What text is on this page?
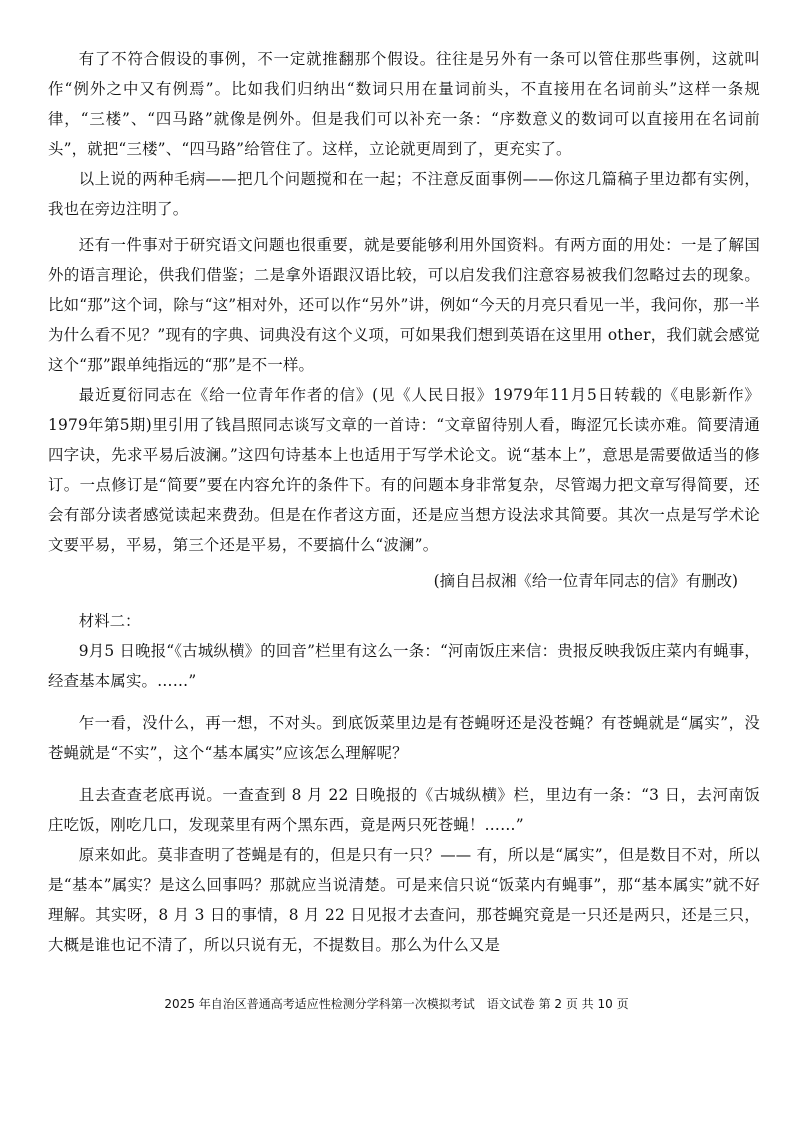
有了不符合假设的事例，不一定就推翻那个假设。往往是另外有一条可以管住那些事例，这就叫作“例外之中又有例焉”。比如我们归纳出“数词只用在量词前头，不直接用在名词前头”这样一条规律，“三楼”、“四马路”就像是例外。但是我们可以补充一条：“序数意义的数词可以直接用在名词前头”，就把“三楼”、“四马路”给管住了。这样，立论就更周到了，更充实了。

以上说的两种毛病——把几个问题搅和在一起；不注意反面事例——你这几篇稿子里边都有实例，我也在旁边注明了。

还有一件事对于研究语文问题也很重要，就是要能够利用外国资料。有两方面的用处：一是了解国外的语言理论，供我们借鉴；二是拿外语跟汉语比较，可以启发我们注意容易被我们忽略过去的现象。比如“那”这个词，除与“这”相对外，还可以作“另外”讲，例如“今天的月亮只看见一半，我问你，那一半为什么看不见？”现有的字典、词典没有这个义项，可如果我们想到英语在这里用 other，我们就会感觉这个“那”跟单纯指远的“那”是不一样。

最近夏衍同志在《给一位青年作者的信》(见《人民日报》1979年11月5日转载的《电影新作》1979年第5期)里引用了钱昌照同志谈写文章的一首诗：“文章留待别人看，晦涩冗长读亦难。简要清通四字诀，先求平易后波澜。”这四句诗基本上也适用于写学术论文。说“基本上”，意思是需要做适当的修订。一点修订是“简要”要在内容允许的条件下。有的问题本身非常复杂，尽管竭力把文章写得简要，还会有部分读者感觉读起来费劲。但是在作者这方面，还是应当想方设法求其简要。其次一点是写学术论文要平易，平易，第三个还是平易，不要搞什么“波澜”。

(摘自吕叔湘《给一位青年同志的信》有删改)

材料二：

9月5 日晚报“《古城纵横》的回音”栏里有这么一条：“河南饭庄来信：贵报反映我饭庄菜内有蝇事，经查基本属实。……”

乍一看，没什么，再一想，不对头。到底饭菜里边是有苍蝇呀还是没苍蝇？有苍蝇就是“属实”，没苍蝇就是“不实”，这个“基本属实”应该怎么理解呢？

且去查查老底再说。一查查到 8 月 22 日晚报的《古城纵横》栏，里边有一条：“3 日，去河南饭庄吃饭，刚吃几口，发现菜里有两个黑东西，竟是两只死苍蝇！……”

原来如此。莫非查明了苍蝇是有的，但是只有一只？—— 有，所以是“属实”，但是数目不对，所以是“基本”属实？是这么回事吗？那就应当说清楚。可是来信只说“饭菜内有蝇事”，那“基本属实”就不好理解。其实呀，8 月 3 日的事情，8 月 22 日见报才去查问，那苍蝇究竟是一只还是两只，还是三只，大概是谁也记不清了，所以只说有无，不提数目。那么为什么又是

2025 年自治区普通高考适应性检测分学科第一次模拟考试　语文试卷 第 2 页 共 10 页
